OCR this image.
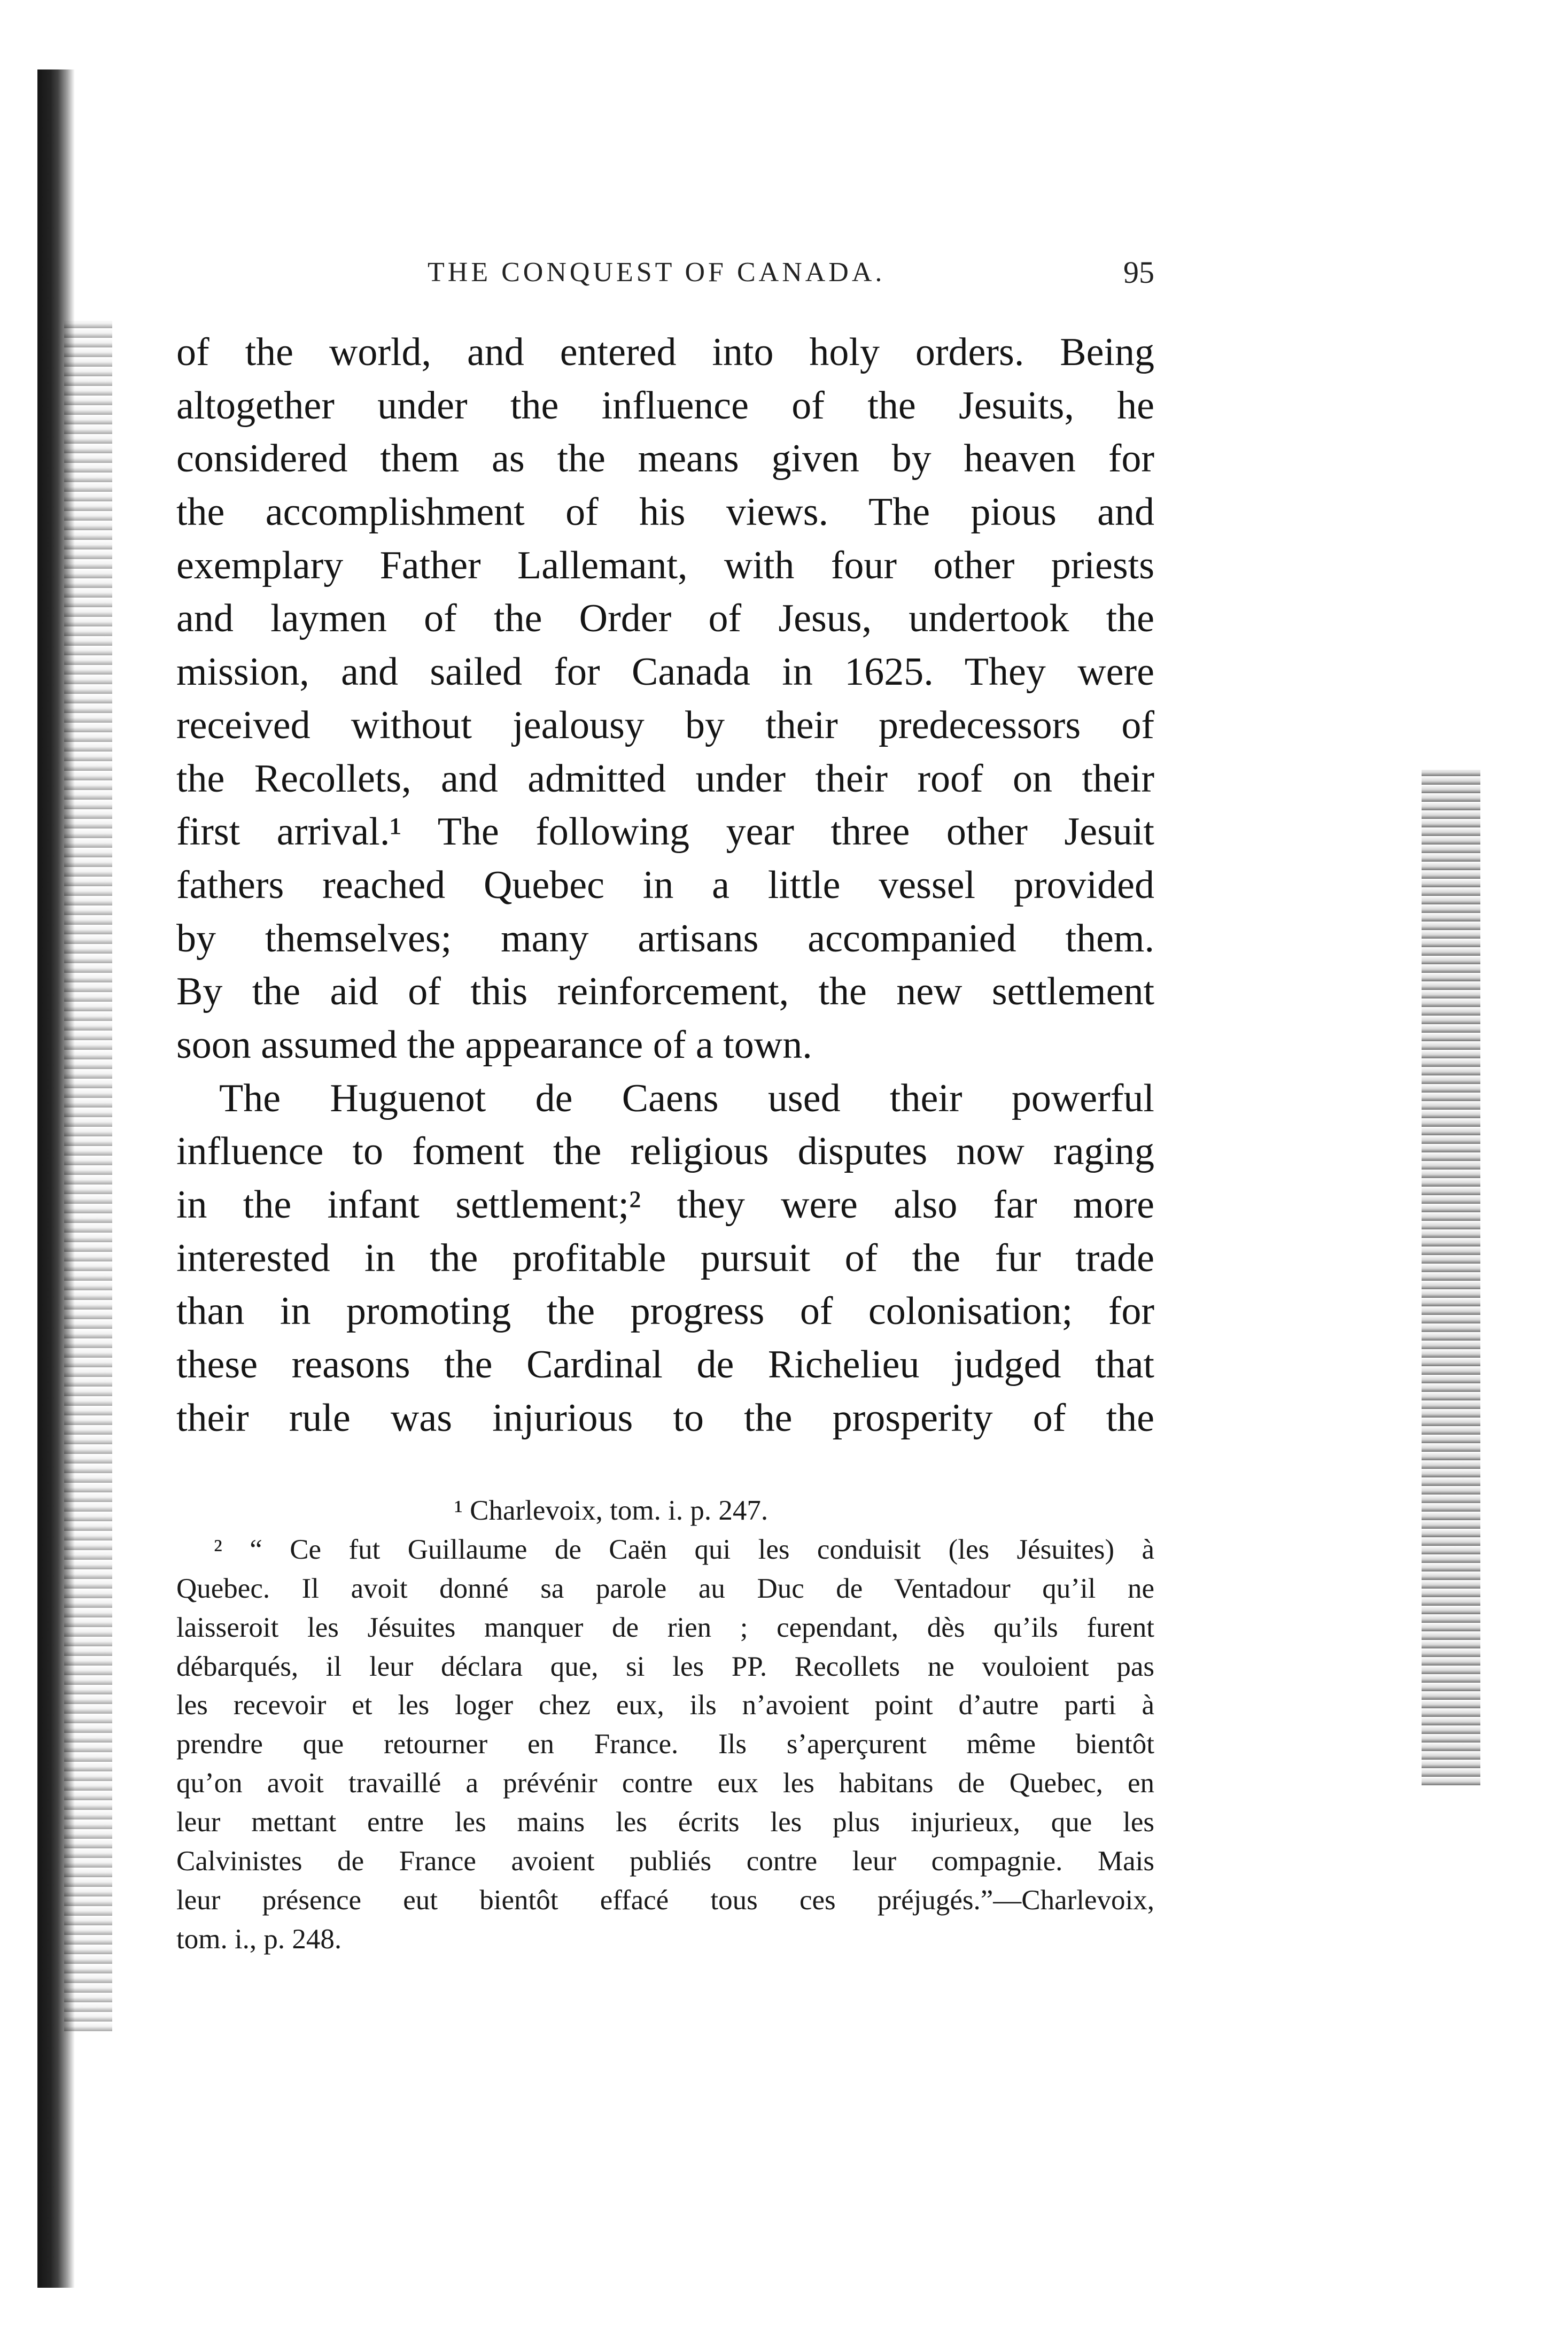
THE CONQUEST OF CANADA.	95
of the world, and entered into holy orders. Being
altogether under the influence of the Jesuits, he
considered them as the means given by heaven for
the accomplishment of his views. The pious and
exemplary Father Lallemant, with four other priests
and laymen of the Order of Jesus, undertook the
mission, and sailed for Canada in 1625. They were
received without jealousy by their predecessors of
the Recollets, and admitted under their roof on their
first arrival.¹ The following year three other Jesuit
fathers reached Quebec in a little vessel provided
by themselves; many artisans accompanied them.
By the aid of this reinforcement, the new settlement
soon assumed the appearance of a town.
The Huguenot de Caens used their powerful
influence to foment the religious disputes now raging
in the infant settlement;² they were also far more
interested in the profitable pursuit of the fur trade
than in promoting the progress of colonisation; for
these reasons the Cardinal de Richelieu judged that
their rule was injurious to the prosperity of the
¹ Charlevoix, tom. i. p. 247.
² “ Ce fut Guillaume de Caën qui les conduisit (les Jésuites) à
Quebec. Il avoit donné sa parole au Duc de Ventadour qu’il ne
laisseroit les Jésuites manquer de rien ; cependant, dès qu’ils furent
débarqués, il leur déclara que, si les PP. Recollets ne vouloient pas
les recevoir et les loger chez eux, ils n’avoient point d’autre parti à
prendre que retourner en France. Ils s’aperçurent même bientôt
qu’on avoit travaillé a prévénir contre eux les habitans de Quebec, en
leur mettant entre les mains les écrits les plus injurieux, que les
Calvinistes de France avoient publiés contre leur compagnie. Mais
leur présence eut bientôt effacé tous ces préjugés.”—Charlevoix,
tom. i., p. 248.
